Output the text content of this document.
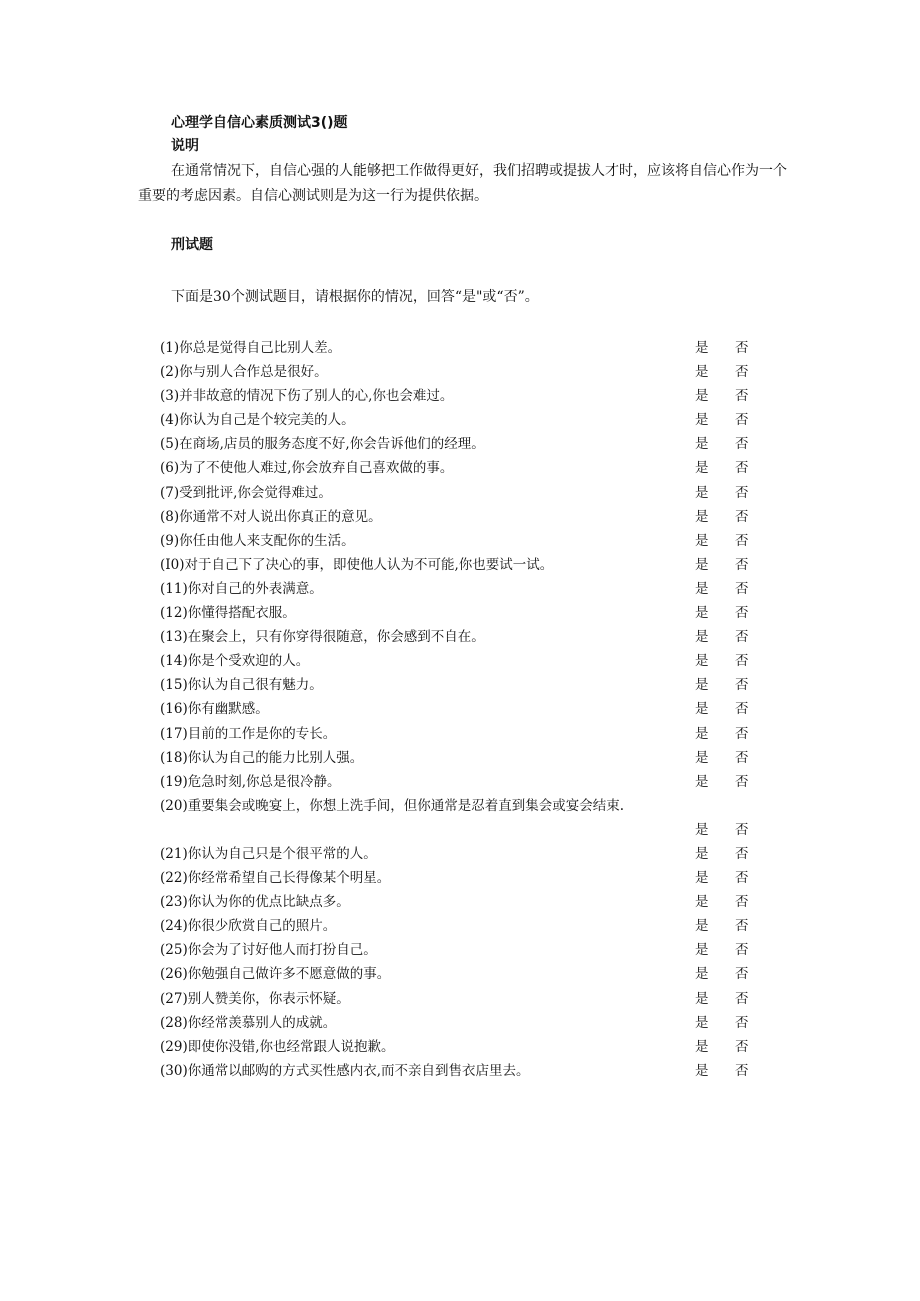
心理学自信心素质测试3()题
说明
在通常情况下，自信心强的人能够把工作做得更好，我们招聘或提拔人才时，应该将自信心作为一个重要的考虑因素。自信心测试则是为这一行为提供依据。
刑试题
下面是30个测试题目，请根据你的情况，回答“是"或“否”。
(1)你总是觉得自己比别人差。	是 否
(2)你与别人合作总是很好。	是 否
(3)并非故意的情况下伤了别人的心,你也会难过。	是 否
(4)你认为自己是个较完美的人。	是 否
(5)在商场,店员的服务态度不好,你会告诉他们的经理。	是 否
(6)为了不使他人难过,你会放弃自己喜欢做的事。	是 否
(7)受到批评,你会觉得难过。	是 否
(8)你通常不对人说出你真正的意见。	是 否
(9)你任由他人来支配你的生活。	是 否
(I0)对于自己下了决心的事，即使他人认为不可能,你也要试一试。	是 否
(11)你对自己的外表满意。	是 否
(12)你懂得搭配衣服。	是 否
(13)在聚会上，只有你穿得很随意，你会感到不自在。	是 否
(14)你是个受欢迎的人。	是 否
(15)你认为自己很有魅力。	是 否
(16)你有幽默感。	是 否
(17)目前的工作是你的专长。	是 否
(18)你认为自己的能力比别人强。	是 否
(19)危急时刻,你总是很冷静。	是 否
(20)重要集会或晚宴上，你想上洗手间，但你通常是忍着直到集会或宴会结束.
是 否
(21)你认为自己只是个很平常的人。	是 否
(22)你经常希望自己长得像某个明星。	是 否
(23)你认为你的优点比缺点多。	是 否
(24)你很少欣赏自己的照片。	是 否
(25)你会为了讨好他人而打扮自己。	是 否
(26)你勉强自己做许多不愿意做的事。	是 否
(27)别人赞美你，你表示怀疑。	是 否
(28)你经常羡慕别人的成就。	是 否
(29)即使你没错,你也经常跟人说抱歉。	是 否
(30)你通常以邮购的方式买性感内衣,而不亲自到售衣店里去。	是 否
